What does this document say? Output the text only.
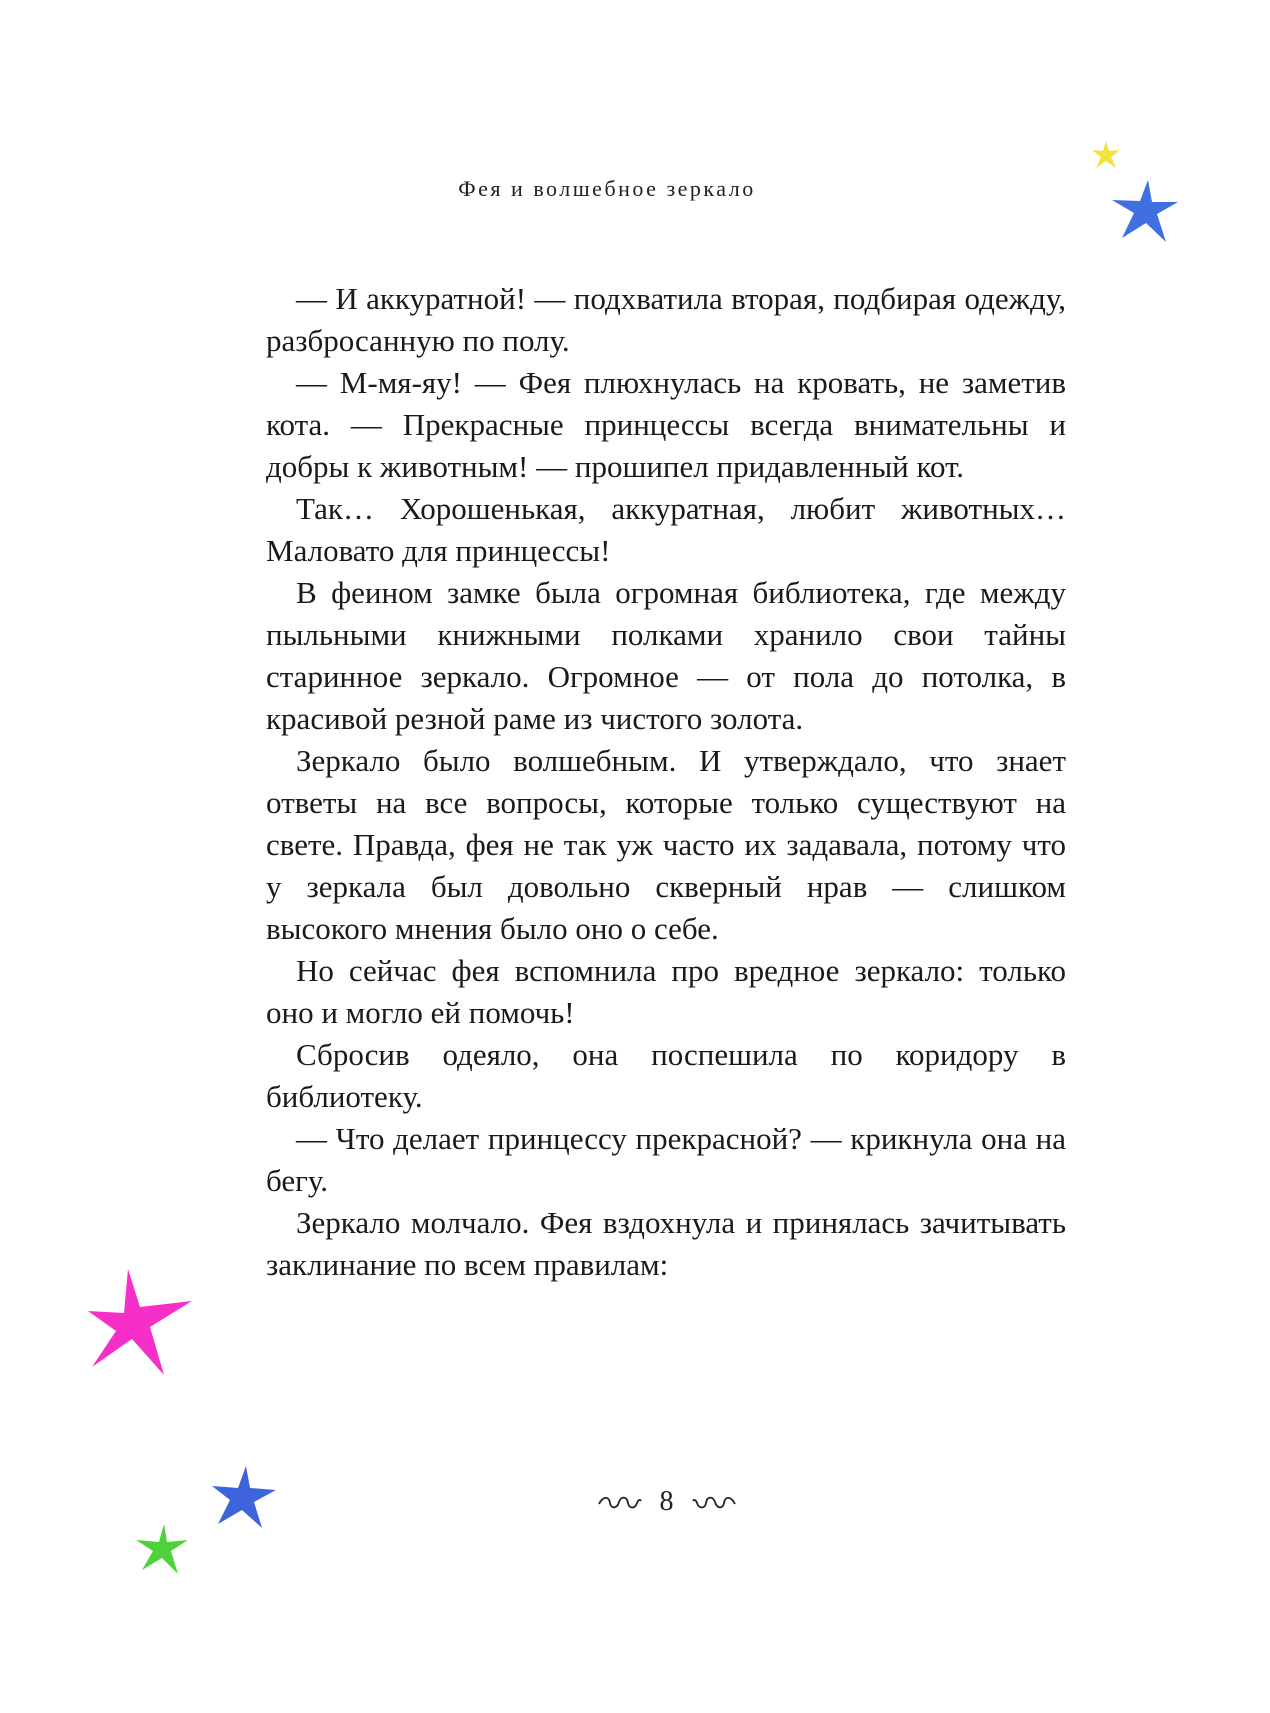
Фея и волшебное зеркало

— И аккуратной! — подхватила вторая, подбирая одежду, разбросанную по полу.

— М-мя-яу! — Фея плюхнулась на кровать, не заметив кота. — Прекрасные принцессы всегда внимательны и добры к животным! — прошипел придавленный кот.

Так… Хорошенькая, аккуратная, любит животных… Маловато для принцессы!

В феином замке была огромная библиотека, где между пыльными книжными полками хранило свои тайны старинное зеркало. Огромное — от пола до потолка, в красивой резной раме из чистого золота.

Зеркало было волшебным. И утверждало, что знает ответы на все вопросы, которые только существуют на свете. Правда, фея не так уж часто их задавала, потому что у зеркала был довольно скверный нрав — слишком высокого мнения было оно о себе.

Но сейчас фея вспомнила про вредное зеркало: только оно и могло ей помочь!

Сбросив одеяло, она поспешила по коридору в библиотеку.

— Что делает принцессу прекрасной? — крикнула она на бегу.

Зеркало молчало. Фея вздохнула и принялась зачитывать заклинание по всем правилам:

8
